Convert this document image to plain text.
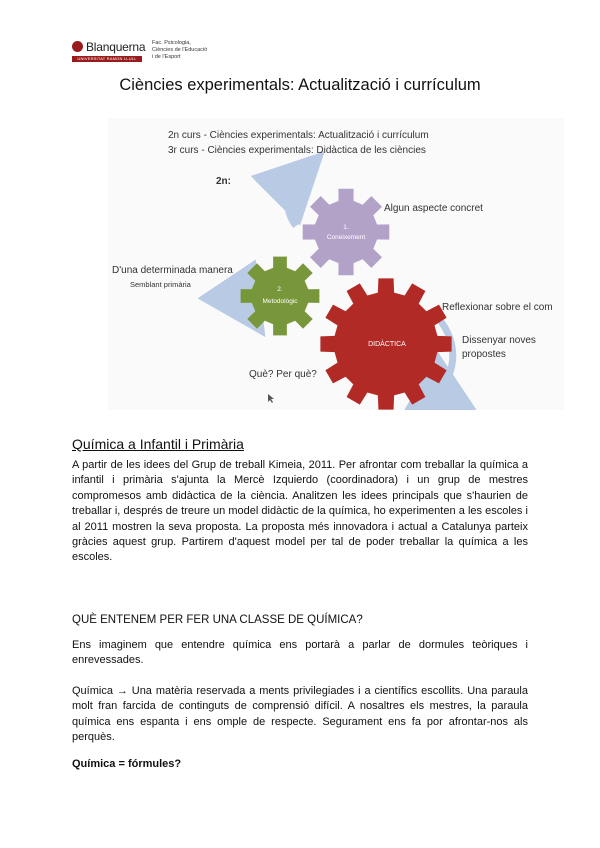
Blanquerna
UNIVERSITAT RAMON LLULL
Fac. Psicologia,
Ciències de l'Educació
i de l'Esport
Ciències experimentals: Actualització i currículum
2n curs - Ciències experimentals: Actualització i currículum
3r curs - Ciències experimentals: Didàctica de les ciències
2n:
Algun aspecte concret
D'una determinada manera
Semblant primària
Reflexionar sobre el com
Dissenyar noves
propostes
Què? Per què?
1.
Coneixement
2.
Metodològic
DIDÀCTICA
Química a Infantil i Primària

A partir de les idees del Grup de treball Kimeia, 2011. Per afrontar com treballar la química a infantil i primària s'ajunta la Mercè Izquierdo (coordinadora) i un grup de mestres compromesos amb didàctica de la ciència. Analitzen les idees principals que s'haurien de treballar i, després de treure un model didàctic de la química, ho experimenten a les escoles i al 2011 mostren la seva proposta. La proposta més innovadora i actual a Catalunya parteix gràcies aquest grup. Partirem d'aquest model per tal de poder treballar la química a les escoles.

QUÈ ENTENEM PER FER UNA CLASSE DE QUÍMICA?

Ens imaginem que entendre química ens portarà a parlar de dormules teòriques i enrevessades.

Química → Una matèria reservada a ments privilegiades i a científics escollits. Una paraula molt fran farcida de continguts de comprensió difícil. A nosaltres els mestres, la paraula química ens espanta i ens omple de respecte. Segurament ens fa por afrontar-nos als perquès.

Química = fórmules?
